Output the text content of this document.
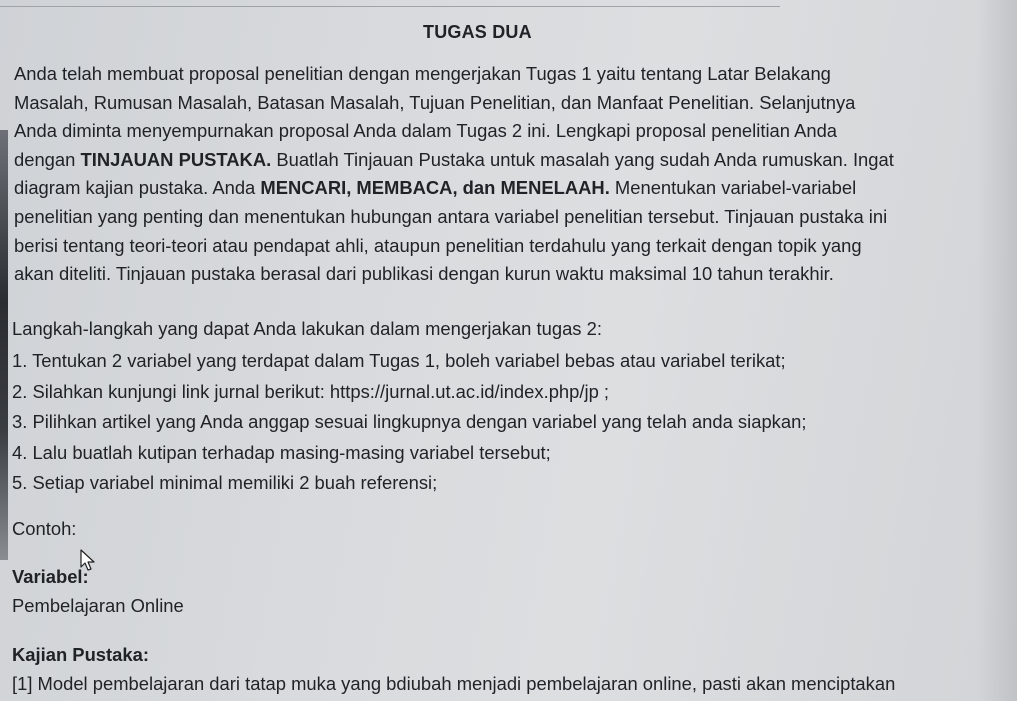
TUGAS DUA

Anda telah membuat proposal penelitian dengan mengerjakan Tugas 1 yaitu tentang Latar Belakang
Masalah, Rumusan Masalah, Batasan Masalah, Tujuan Penelitian, dan Manfaat Penelitian. Selanjutnya
Anda diminta menyempurnakan proposal Anda dalam Tugas 2 ini. Lengkapi proposal penelitian Anda
dengan TINJAUAN PUSTAKA. Buatlah Tinjauan Pustaka untuk masalah yang sudah Anda rumuskan. Ingat
diagram kajian pustaka. Anda MENCARI, MEMBACA, dan MENELAAH. Menentukan variabel-variabel
penelitian yang penting dan menentukan hubungan antara variabel penelitian tersebut. Tinjauan pustaka ini
berisi tentang teori-teori atau pendapat ahli, ataupun penelitian terdahulu yang terkait dengan topik yang
akan diteliti. Tinjauan pustaka berasal dari publikasi dengan kurun waktu maksimal 10 tahun terakhir.

Langkah-langkah yang dapat Anda lakukan dalam mengerjakan tugas 2:
1. Tentukan 2 variabel yang terdapat dalam Tugas 1, boleh variabel bebas atau variabel terikat;
2. Silahkan kunjungi link jurnal berikut: https://jurnal.ut.ac.id/index.php/jp ;
3. Pilihkan artikel yang Anda anggap sesuai lingkupnya dengan variabel yang telah anda siapkan;
4. Lalu buatlah kutipan terhadap masing-masing variabel tersebut;
5. Setiap variabel minimal memiliki 2 buah referensi;
Contoh:
Variabel:
Pembelajaran Online
Kajian Pustaka:
[1] Model pembelajaran dari tatap muka yang bdiubah menjadi pembelajaran online, pasti akan menciptakan
